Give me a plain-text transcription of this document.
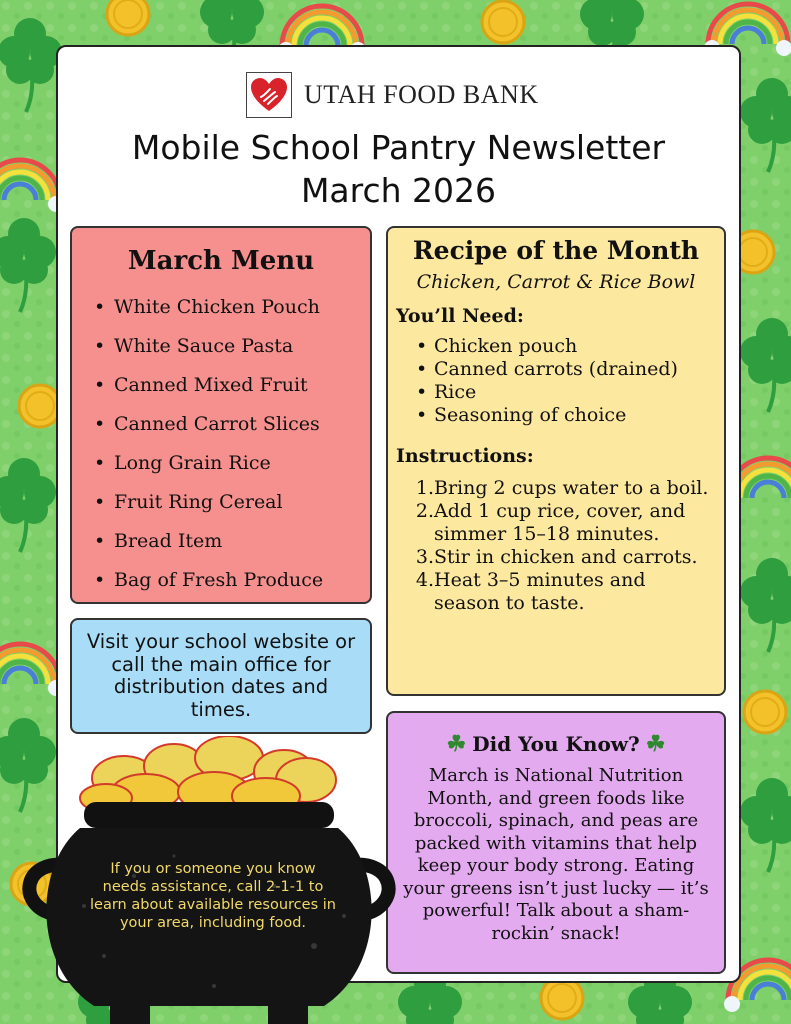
UTAH FOOD BANK
Mobile School Pantry Newsletter
March 2026
March Menu
• White Chicken Pouch
• White Sauce Pasta
• Canned Mixed Fruit
• Canned Carrot Slices
• Long Grain Rice
• Fruit Ring Cereal
• Bread Item
• Bag of Fresh Produce

Visit your school website or call the main office for distribution dates and times.

Recipe of the Month
Chicken, Carrot & Rice Bowl
You’ll Need:
• Chicken pouch
• Canned carrots (drained)
• Rice
• Seasoning of choice
Instructions:
1. Bring 2 cups water to a boil.
2. Add 1 cup rice, cover, and simmer 15–18 minutes.
3. Stir in chicken and carrots.
4. Heat 3–5 minutes and season to taste.
☘ Did You Know? ☘

March is National Nutrition Month, and green foods like broccoli, spinach, and peas are packed with vitamins that help keep your body strong. Eating your greens isn’t just lucky — it’s powerful! Talk about a sham-rockin’ snack!

If you or someone you know needs assistance, call 2-1-1 to learn about available resources in your area, including food.
